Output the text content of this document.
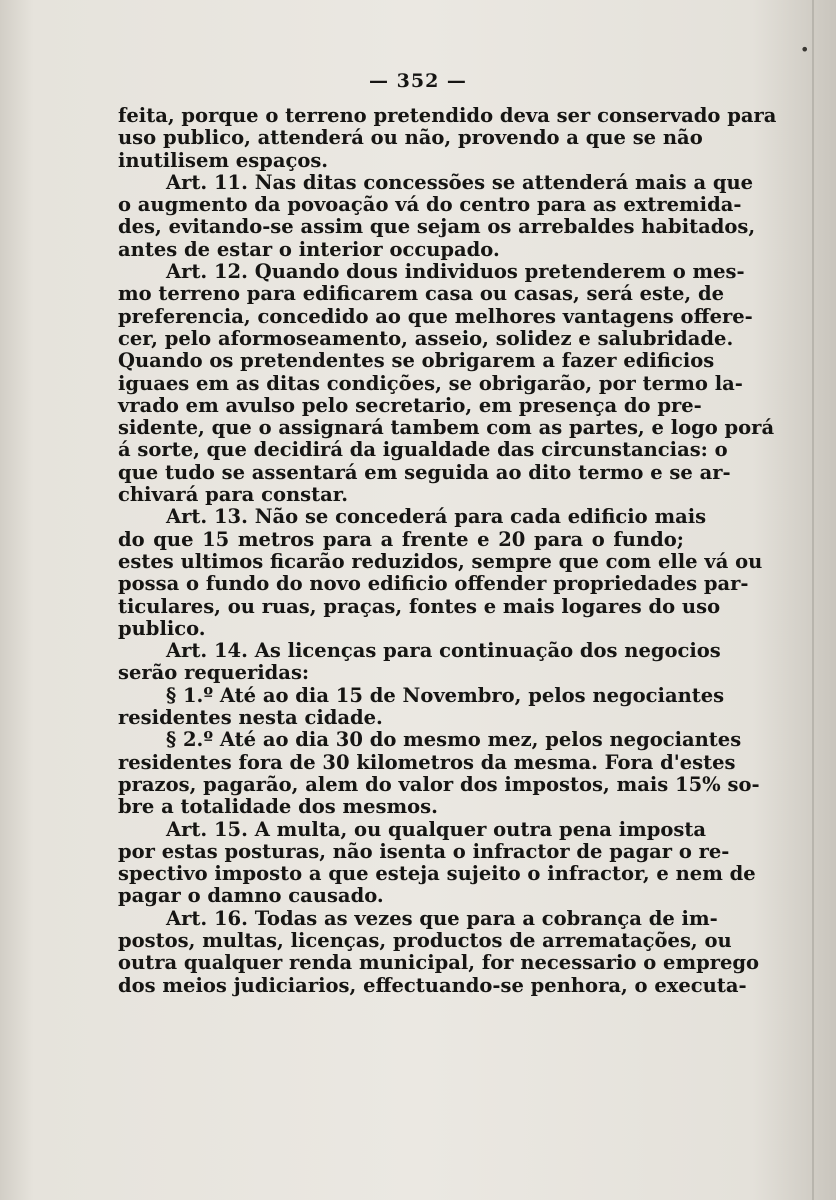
— 352 —
feita, porque o terreno pretendido deva ser conservado para
uso publico, attenderá ou não, provendo a que se não
inutilisem espaços.
Art. 11. Nas ditas concessões se attenderá mais a que
o augmento da povoação vá do centro para as extremida-
des, evitando-se assim que sejam os arrebaldes habitados,
antes de estar o interior occupado.
Art. 12. Quando dous individuos pretenderem o mes-
mo terreno para edificarem casa ou casas, será este, de
preferencia, concedido ao que melhores vantagens offere-
cer, pelo aformoseamento, asseio, solidez e salubridade.
Quando os pretendentes se obrigarem a fazer edificios
iguaes em as ditas condições, se obrigarão, por termo la-
vrado em avulso pelo secretario, em presença do pre-
sidente, que o assignará tambem com as partes, e logo porá
á sorte, que decidirá da igualdade das circunstancias: o
que tudo se assentará em seguida ao dito termo e se ar-
chivará para constar.
Art. 13. Não se concederá para cada edificio mais
do que 15 metros para a frente e 20 para o fundo;
estes ultimos ficarão reduzidos, sempre que com elle vá ou
possa o fundo do novo edificio offender propriedades par-
ticulares, ou ruas, praças, fontes e mais logares do uso
publico.
Art. 14. As licenças para continuação dos negocios
serão requeridas:
§ 1.º Até ao dia 15 de Novembro, pelos negociantes
residentes nesta cidade.
§ 2.º Até ao dia 30 do mesmo mez, pelos negociantes
residentes fora de 30 kilometros da mesma. Fora d'estes
prazos, pagarão, alem do valor dos impostos, mais 15% so-
bre a totalidade dos mesmos.
Art. 15. A multa, ou qualquer outra pena imposta
por estas posturas, não isenta o infractor de pagar o re-
spectivo imposto a que esteja sujeito o infractor, e nem de
pagar o damno causado.
Art. 16. Todas as vezes que para a cobrança de im-
postos, multas, licenças, productos de arrematações, ou
outra qualquer renda municipal, for necessario o emprego
dos meios judiciarios, effectuando-se penhora, o executa-
•
